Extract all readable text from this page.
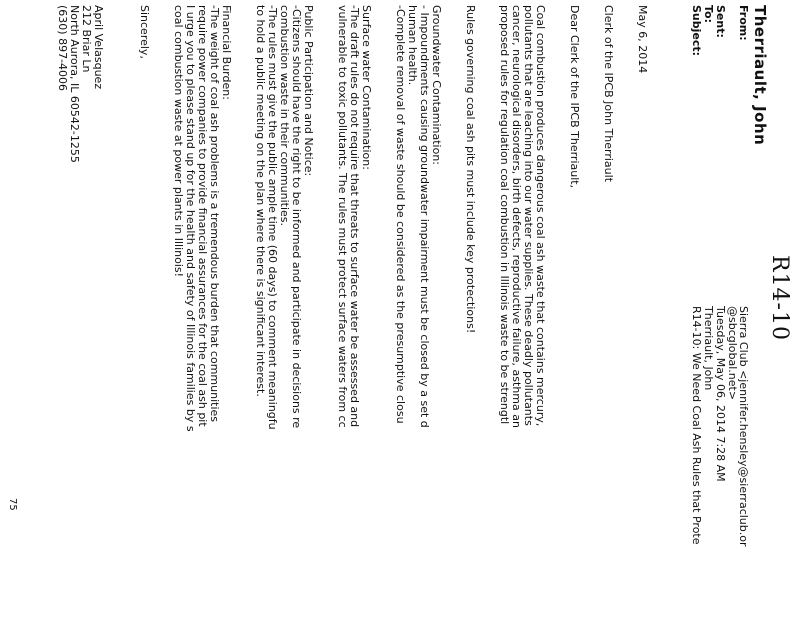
Therriault, John
R14-10
From:
Sierra Club <jennifer.hensley@sierraclub.or
@sbcglobal.net>
Sent:
Tuesday, May 06, 2014 7:28 AM
To:
Therriault, John
Subject:
R14-10: We Need Coal Ash Rules that Prote
May 6, 2014
Clerk of the IPCB John Therriault
Dear Clerk of the IPCB Therriault,
Coal combustion produces dangerous coal ash waste that contains mercury,
pollutants that are leaching into our water supplies. These deadly pollutants
cancer, neurological disorders, birth defects, reproductive failure, asthma an
proposed rules for regulation coal combustion in Illinois waste to be strengtl
Rules governing coal ash pits must include key protections!
Groundwater Contamination:
- Impoundments causing groundwater impairment must be closed by a set d
human health.
-Complete removal of waste should be considered as the presumptive closu
Surface water Contamination:
-The draft rules do not require that threats to surface water be assessed and
vulnerable to toxic pollutants. The rules must protect surface waters from cc
Public Participation and Notice:
-Citizens should have the right to be informed and participate in decisions re
combustion waste in their communities.
-The rules must give the public ample time (60 days) to comment meaningfu
to hold a public meeting on the plan where there is significant interest.
Financial Burden:
-The weight of coal ash problems is a tremendous burden that communities
require power companies to provide financial assurances for the coal ash pit
I urge you to please stand up for the health and safety of Illinois families by s
coal combustion waste at power plants in Illinois!
Sincerely,
April Velasquez
212 Briar Ln
North Aurora, IL 60542-1255
(630) 897-4006
75
